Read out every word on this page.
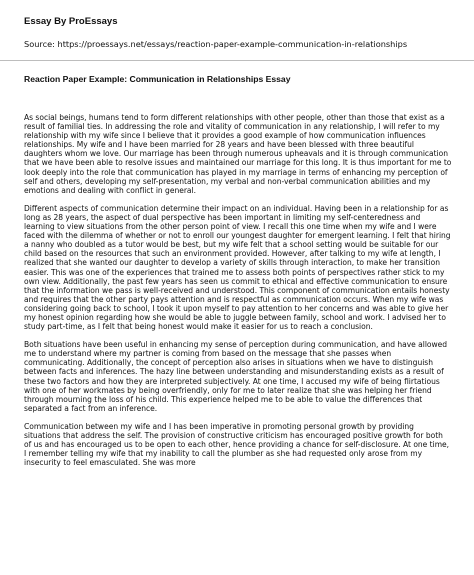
Essay By ProEssays
Source: https://proessays.net/essays/reaction-paper-example-communication-in-relationships
Reaction Paper Example: Communication in Relationships Essay

As social beings, humans tend to form different relationships with other people, other than those that exist as a result of familial ties. In addressing the role and vitality of communication in any relationship, I will refer to my relationship with my wife since I believe that it provides a good example of how communication influences relationships. My wife and I have been married for 28 years and have been blessed with three beautiful daughters whom we love. Our marriage has been through numerous upheavals and it is through communication that we have been able to resolve issues and maintained our marriage for this long. It is thus important for me to look deeply into the role that communication has played in my marriage in terms of enhancing my perception of self and others, developing my self-presentation, my verbal and non-verbal communication abilities and my emotions and dealing with conflict in general.

Different aspects of communication determine their impact on an individual. Having been in a relationship for as long as 28 years, the aspect of dual perspective has been important in limiting my self-centeredness and learning to view situations from the other person point of view. I recall this one time when my wife and I were faced with the dilemma of whether or not to enroll our youngest daughter for emergent learning. I felt that hiring a nanny who doubled as a tutor would be best, but my wife felt that a school setting would be suitable for our child based on the resources that such an environment provided. However, after talking to my wife at length, I realized that she wanted our daughter to develop a variety of skills through interaction, to make her transition easier. This was one of the experiences that trained me to assess both points of perspectives rather stick to my own view. Additionally, the past few years has seen us commit to ethical and effective communication to ensure that the information we pass is well-received and understood. This component of communication entails honesty and requires that the other party pays attention and is respectful as communication occurs. When my wife was considering going back to school, I took it upon myself to pay attention to her concerns and was able to give her my honest opinion regarding how she would be able to juggle between family, school and work. I advised her to study part-time, as I felt that being honest would make it easier for us to reach a conclusion.

Both situations have been useful in enhancing my sense of perception during communication, and have allowed me to understand where my partner is coming from based on the message that she passes when communicating. Additionally, the concept of perception also arises in situations when we have to distinguish between facts and inferences. The hazy line between understanding and misunderstanding exists as a result of these two factors and how they are interpreted subjectively. At one time, I accused my wife of being flirtatious with one of her workmates by being overfriendly, only for me to later realize that she was helping her friend through mourning the loss of his child. This experience helped me to be able to value the differences that separated a fact from an inference.

Communication between my wife and I has been imperative in promoting personal growth by providing situations that address the self. The provision of constructive criticism has encouraged positive growth for both of us and has encouraged us to be open to each other, hence providing a chance for self-disclosure. At one time, I remember telling my wife that my inability to call the plumber as she had requested only arose from my insecurity to feel emasculated. She was more
